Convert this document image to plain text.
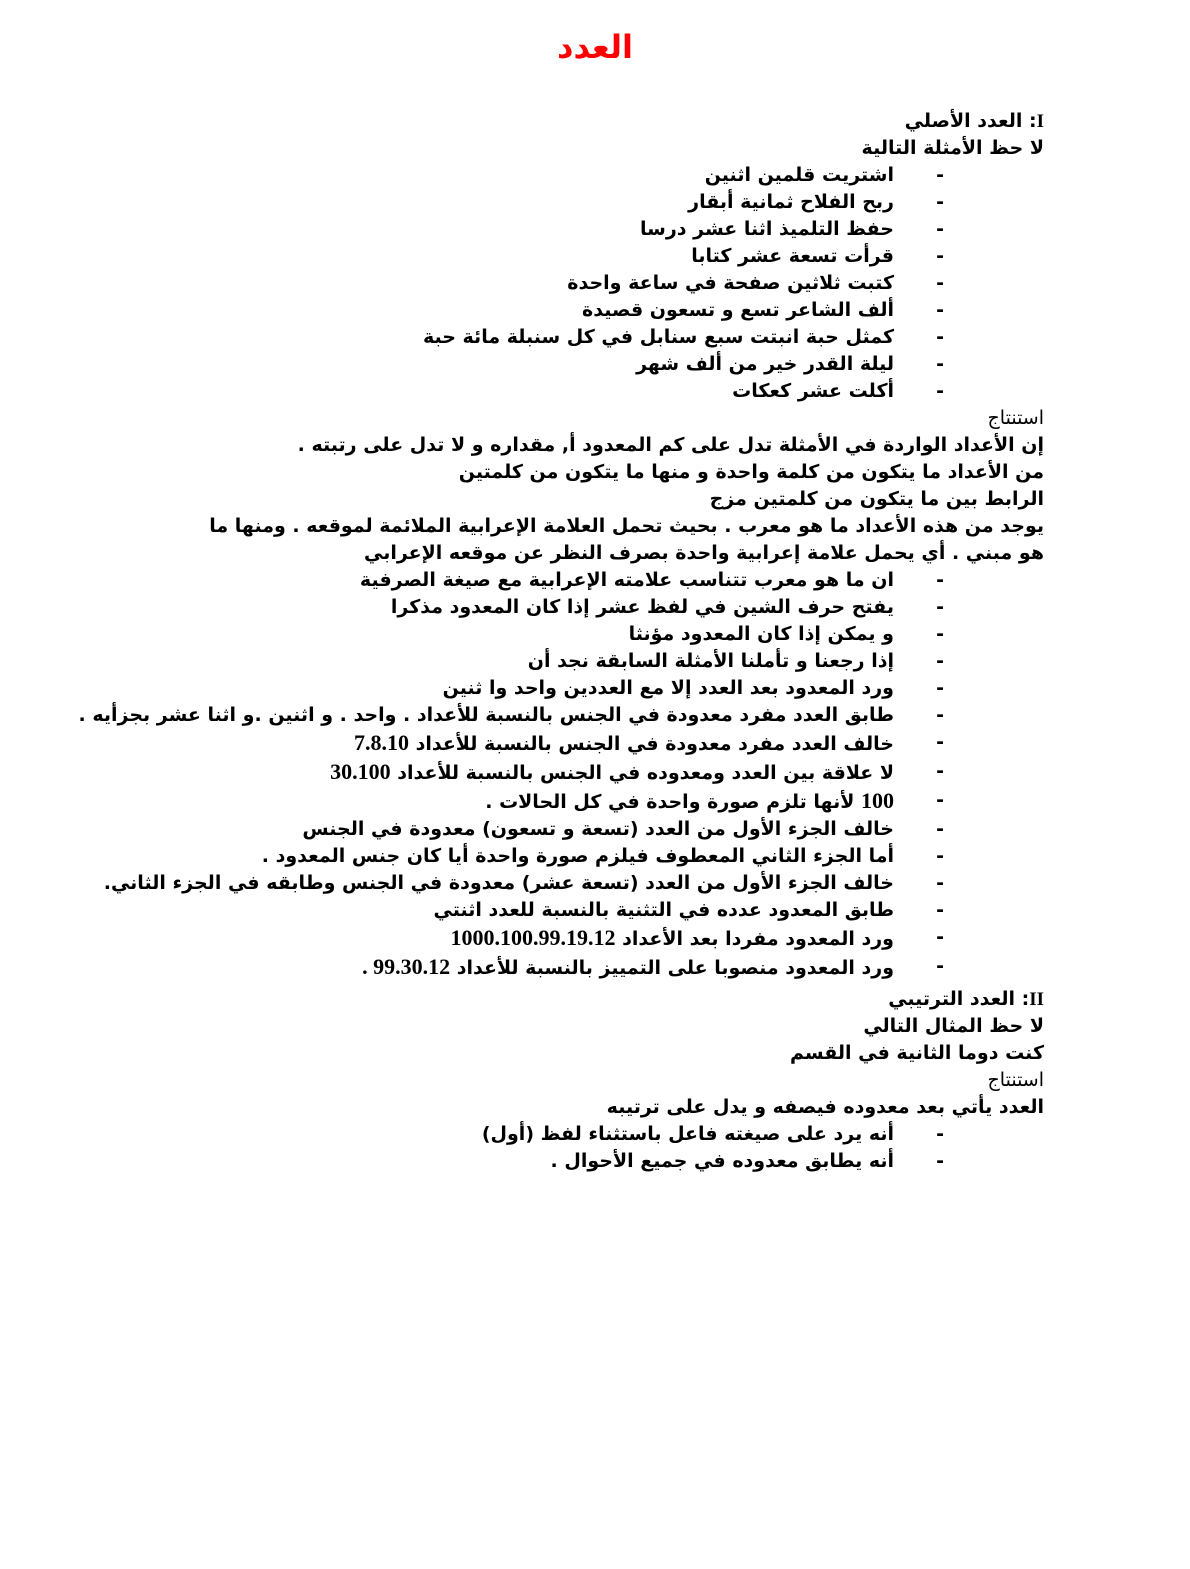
العدد
I: العدد الأصلي
لا حظ الأمثلة التالية
-
اشتريت قلمين اثنين
-
ربح الفلاح ثمانية أبقار
-
حفظ التلميذ اثنا عشر درسا
-
قرأت تسعة عشر كتابا
-
كتبت ثلاثين صفحة في ساعة واحدة
-
ألف الشاعر تسع و تسعون قصيدة
-
كمثل حبة انبتت سبع سنابل في كل سنبلة مائة حبة
-
ليلة القدر خير من ألف شهر
-
أكلت عشر كعكات
استنتاج
إن الأعداد الواردة في الأمثلة تدل على كم المعدود أ, مقداره و لا تدل على رتبته .
من الأعداد ما يتكون من كلمة واحدة و منها ما يتكون من كلمتين
الرابط بين ما يتكون من كلمتين مزج
يوجد من هذه الأعداد ما هو معرب . بحيث تحمل العلامة الإعرابية الملائمة لموقعه . ومنها ما هو مبني . أي يحمل علامة إعرابية واحدة بصرف النظر عن موقعه الإعرابي
-
ان ما هو معرب تتناسب علامته الإعرابية مع صيغة الصرفية
-
يفتح حرف الشين في لفظ عشر إذا كان المعدود مذكرا
-
و يمكن إذا كان المعدود مؤنثا
-
إذا رجعنا و تأملنا الأمثلة السابقة نجد أن
-
ورد المعدود بعد العدد إلا مع العددين واحد وا ثنين
-
طابق العدد مفرد معدودة في الجنس بالنسبة للأعداد . واحد . و اثنين .و اثنا عشر بجزأيه .
-
خالف العدد مفرد معدودة في الجنس بالنسبة للأعداد 7.8.10
-
لا علاقة بين العدد ومعدوده في الجنس بالنسبة للأعداد 30.100
-
100 لأنها تلزم صورة واحدة في كل الحالات .
-
خالف الجزء الأول من العدد (تسعة و تسعون) معدودة في الجنس
-
أما الجزء الثاني المعطوف فيلزم صورة واحدة أيا كان جنس المعدود .
-
خالف الجزء الأول من العدد (تسعة عشر) معدودة في الجنس وطابقه في الجزء الثاني.
-
طابق المعدود عدده في التثنية بالنسبة للعدد اثنتي
-
ورد المعدود مفردا بعد الأعداد 1000.100.99.19.12
-
ورد المعدود منصوبا على التمييز بالنسبة للأعداد 99.30.12 .
II: العدد الترتيبي
لا حظ المثال التالي
كنت دوما الثانية في القسم
استنتاج
العدد يأتي بعد معدوده فيصفه و يدل على ترتيبه
-
أنه يرد على صيغته فاعل باستثناء لفظ (أول)
-
أنه يطابق معدوده في جميع الأحوال .
